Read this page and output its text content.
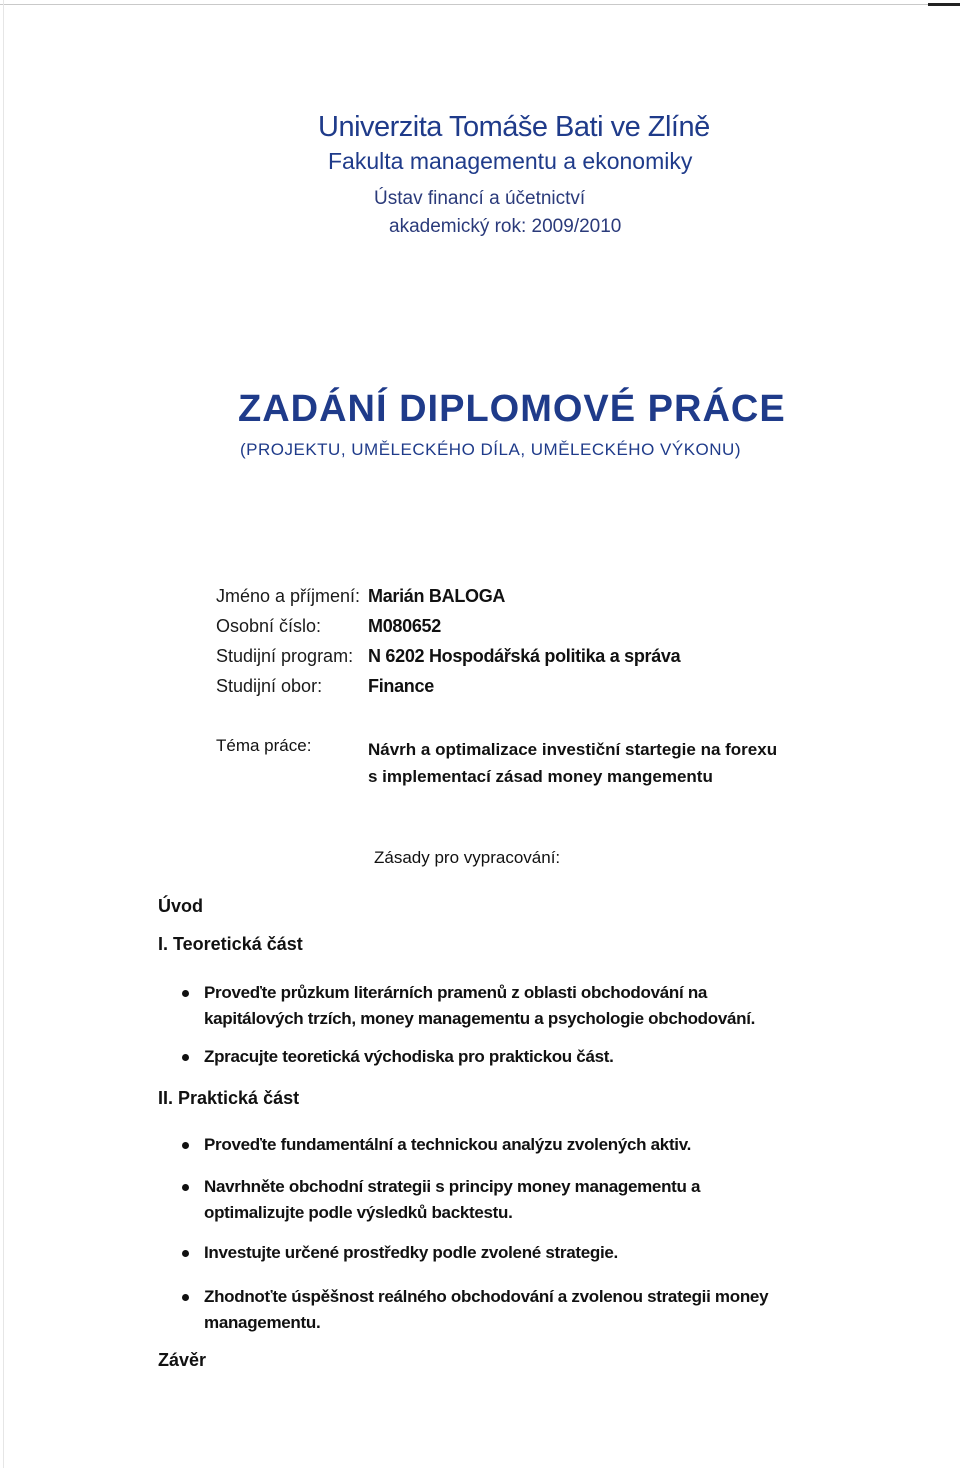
Univerzita Tomáše Bati ve Zlíně
Fakulta managementu a ekonomiky
Ústav financí a účetnictví
akademický rok: 2009/2010
ZADÁNÍ DIPLOMOVÉ PRÁCE
(PROJEKTU, UMĚLECKÉHO DÍLA, UMĚLECKÉHO VÝKONU)
Jméno a příjmení: Marián BALOGA
Osobní číslo:	M080652
Studijní program: N 6202 Hospodářská politika a správa
Studijní obor:	Finance
Téma práce:	Návrh a optimalizace investiční startegie na forexu s implementací zásad money mangementu
Zásady pro vypracování:
Úvod
I. Teoretická část
Proveďte průzkum literárních pramenů z oblasti obchodování na kapitálových trzích, money managementu a psychologie obchodování.
Zpracujte teoretická východiska pro praktickou část.
II. Praktická část
Proveďte fundamentální a technickou analýzu zvolených aktiv.
Navrhněte obchodní strategii s principy money managementu a optimalizujte podle výsledků backtestu.
Investujte určené prostředky podle zvolené strategie.
Zhodnoťte úspěšnost reálného obchodování a zvolenou strategii money managementu.
Závěr
